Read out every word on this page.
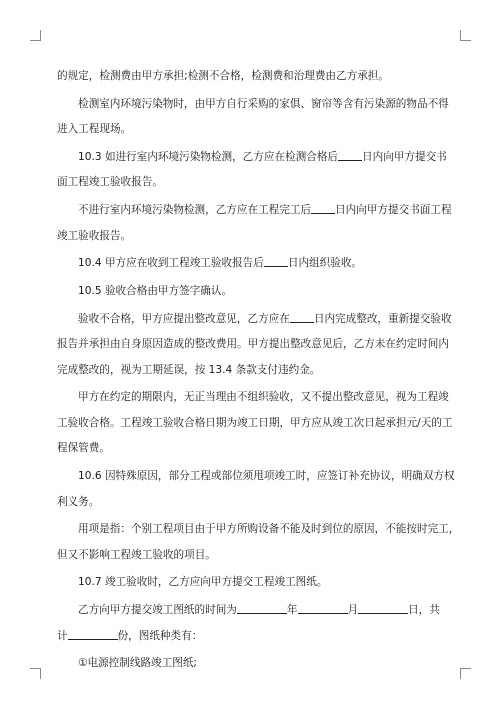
的规定，检测费由甲方承担;检测不合格，检测费和治理费由乙方承担。

检测室内环境污染物时，由甲方自行采购的家俱、窗帘等含有污染源的物品不得
进入工程现场。

10.3 如进行室内环境污染物检测，乙方应在检测合格后 日内向甲方提交书
面工程竣工验收报告。

不进行室内环境污染物检测，乙方应在工程完工后 日内向甲方提交书面工程
竣工验收报告。

10.4 甲方应在收到工程竣工验收报告后 日内组织验收。

10.5 验收合格由甲方签字确认。

验收不合格，甲方应提出整改意见，乙方应在 日内完成整改，重新提交验收
报告并承担由自身原因造成的整改费用。甲方提出整改意见后，乙方未在约定时间内
完成整改的，视为工期延误，按 13.4 条款支付违约金。

甲方在约定的期限内，无正当理由不组织验收，又不提出整改意见，视为工程竣
工验收合格。工程竣工验收合格日期为竣工日期，甲方应从竣工次日起承担元/天的工
程保管费。

10.6 因特殊原因，部分工程或部位须甩项竣工时，应签订补充协议，明确双方权
利义务。

用项是指：个别工程项目由于甲方所购设备不能及时到位的原因，不能按时完工，
但又不影响工程竣工验收的项目。

10.7 竣工验收时，乙方应向甲方提交工程竣工图纸。

乙方向甲方提交竣工图纸的时间为	年	月	日，共
计	份，图纸种类有：

①电源控制线路竣工图纸;
